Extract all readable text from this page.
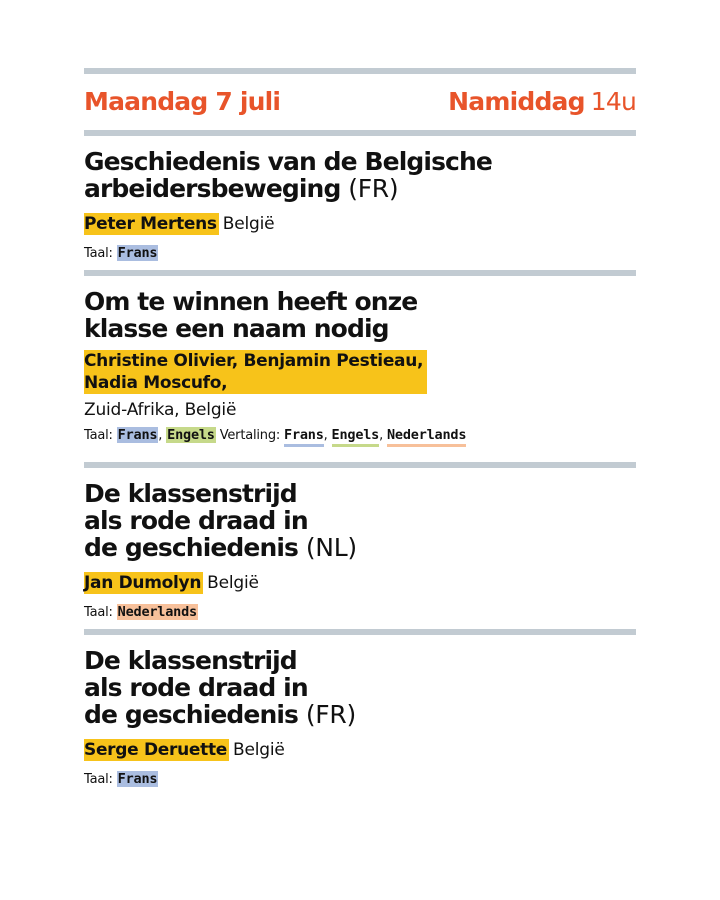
Maandag 7 juli	Namiddag 14u
Geschiedenis van de Belgische
arbeidersbeweging (FR)
Peter Mertens België
Taal: Frans
Om te winnen heeft onze
klasse een naam nodig
Christine Olivier, Benjamin Pestieau,
Nadia Moscufo,
Zuid-Afrika, België
Taal: Frans, Engels Vertaling: Frans, Engels, Nederlands
De klassenstrijd
als rode draad in
de geschiedenis (NL)
Jan Dumolyn België
Taal: Nederlands
De klassenstrijd
als rode draad in
de geschiedenis (FR)
Serge Deruette België
Taal: Frans
